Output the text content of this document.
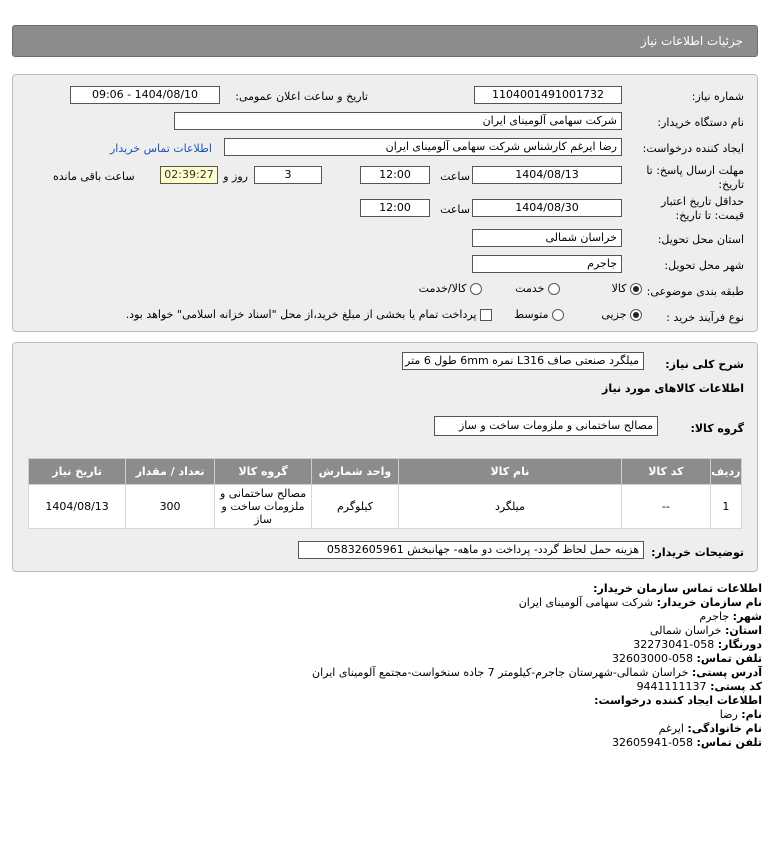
جزئیات اطلاعات نیاز
شماره نیاز:
1104001491001732
تاریخ و ساعت اعلان عمومی:
1404/08/10 - 09:06
نام دستگاه خریدار:
شرکت سهامی آلومینای ایران
ایجاد کننده درخواست:
رضا ایرغم کارشناس شرکت سهامی آلومینای ایران
اطلاعات تماس خریدار
مهلت ارسال پاسخ: تا
تاریخ:
1404/08/13
ساعت
12:00
3
روز و
02:39:27
ساعت باقی مانده
حداقل تاریخ اعتبار
قیمت: تا تاریخ:
1404/08/30
ساعت
12:00
استان محل تحویل:
خراسان شمالی
شهر محل تحویل:
جاجرم
طبقه بندی موضوعی:
کالا
خدمت
کالا/خدمت
نوع فرآیند خرید :
جزیی
متوسط
پرداخت تمام یا بخشی از مبلغ خرید،از محل "اسناد خزانه اسلامی" خواهد بود.
شرح کلی نیاز:
میلگرد صنعتی صاف L316 نمره 6mm طول 6 متر
اطلاعات کالاهای مورد نیاز
گروه کالا:
مصالح ساختمانی و ملزومات ساخت و ساز
ردیف	کد کالا	نام کالا	واحد شمارش	گروه کالا	تعداد / مقدار	تاریخ نیاز
1	--	میلگرد	کیلوگرم	مصالح ساختمانی و ملزومات ساخت و ساز	300	1404/08/13
توضیحات خریدار:
هزینه حمل لحاظ گردد- پرداخت دو ماهه- جهانبخش 05832605961
اطلاعات تماس سازمان خریدار:
نام سازمان خریدار: شرکت سهامی آلومینای ایران
شهر: جاجرم
استان: خراسان شمالی
دورنگار: 058-32273041
تلفن تماس: 058-32603000
آدرس پستی: خراسان شمالی-شهرستان جاجرم-کیلومتر 7 جاده سنخواست-مجتمع آلومینای ایران
کد پستی: 9441111137
اطلاعات ایجاد کننده درخواست:
نام: رضا
نام خانوادگی: ایرغم
تلفن تماس: 058-32605941
